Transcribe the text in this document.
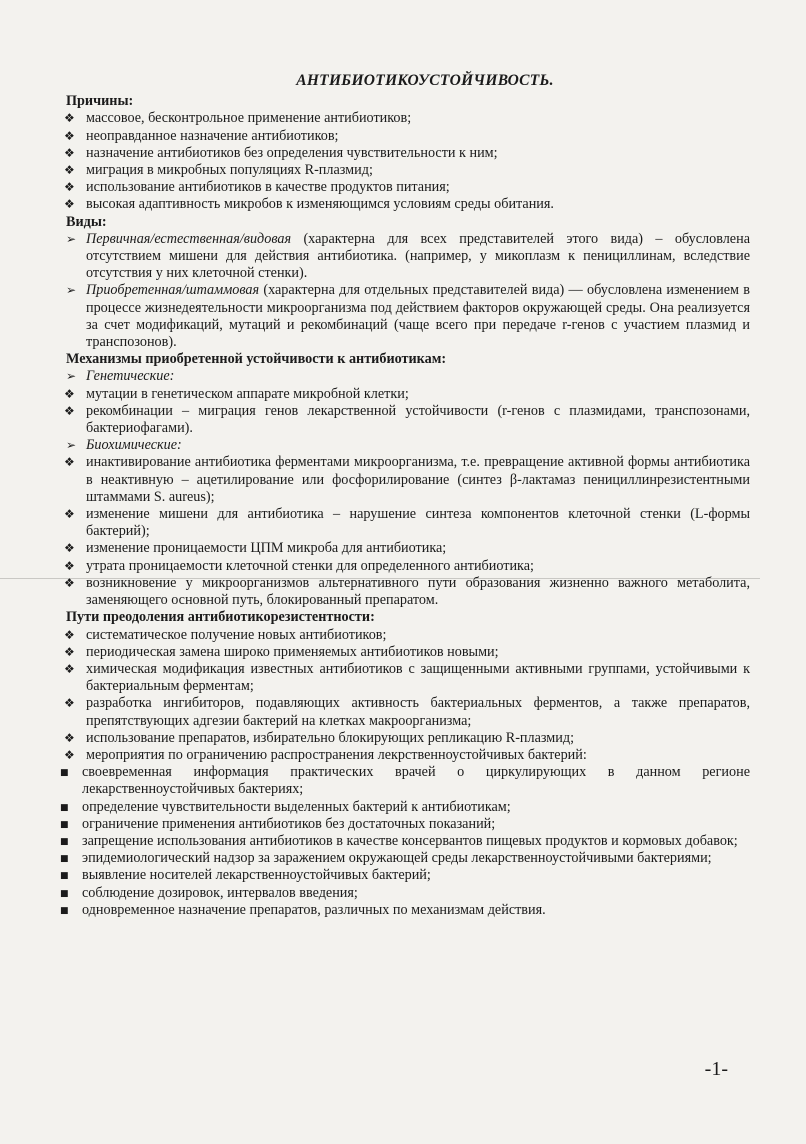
АНТИБИОТИКОУСТОЙЧИВОСТЬ.
Причины:
❖ массовое, бесконтрольное применение антибиотиков;
❖ неоправданное назначение антибиотиков;
❖ назначение антибиотиков без определения чувствительности к ним;
❖ миграция в микробных популяциях R-плазмид;
❖ использование антибиотиков в качестве продуктов питания;
❖ высокая адаптивность микробов к изменяющимся условиям среды обитания.
Виды:
➢ Первичная/естественная/видовая (характерна для всех представителей этого вида) – обусловлена отсутствием мишени для действия антибиотика. (например, у микоплазм к пенициллинам, вследствие отсутствия у них клеточной стенки).
➢ Приобретенная/штаммовая (характерна для отдельных представителей вида) — обусловлена изменением в процессе жизнедеятельности микроорганизма под действием факторов окружающей среды. Она реализуется за счет модификаций, мутаций и рекомбинаций (чаще всего при передаче r-генов с участием плазмид и транспозонов).
Механизмы приобретенной устойчивости к антибиотикам:
➢ Генетические:
❖ мутации в генетическом аппарате микробной клетки;
❖ рекомбинации – миграция генов лекарственной устойчивости (r-генов с плазмидами, транспозонами, бактериофагами).
➢ Биохимические:
❖ инактивирование антибиотика ферментами микроорганизма, т.е. превращение активной формы антибиотика в неактивную – ацетилирование или фосфорилирование (синтез β-лактамаз пенициллинрезистентными штаммами S. aureus);
❖ изменение мишени для антибиотика – нарушение синтеза компонентов клеточной стенки (L-формы бактерий);
❖ изменение проницаемости ЦПМ микроба для антибиотика;
❖ утрата проницаемости клеточной стенки для определенного антибиотика;
❖ возникновение у микроорганизмов альтернативного пути образования жизненно важного метаболита, заменяющего основной путь, блокированный препаратом.
Пути преодоления антибиотикорезистентности:
❖ систематическое получение новых антибиотиков;
❖ периодическая замена широко применяемых антибиотиков новыми;
❖ химическая модификация известных антибиотиков с защищенными активными группами, устойчивыми к бактериальным ферментам;
❖ разработка ингибиторов, подавляющих активность бактериальных ферментов, а также препаратов, препятствующих адгезии бактерий на клетках макроорганизма;
❖ использование препаратов, избирательно блокирующих репликацию R-плазмид;
❖ мероприятия по ограничению распространения лекрственноустойчивых бактерий:
■ своевременная информация практических врачей о циркулирующих в данном регионе лекарственноустойчивых бактериях;
■ определение чувствительности выделенных бактерий к антибиотикам;
■ ограничение применения антибиотиков без достаточных показаний;
■ запрещение использования антибиотиков в качестве консервантов пищевых продуктов и кормовых добавок;
■ эпидемиологический надзор за заражением окружающей среды лекарственноустойчивыми бактериями;
■ выявление носителей лекарственноустойчивых бактерий;
■ соблюдение дозировок, интервалов введения;
■ одновременное назначение препаратов, различных по механизмам действия.
-1-
